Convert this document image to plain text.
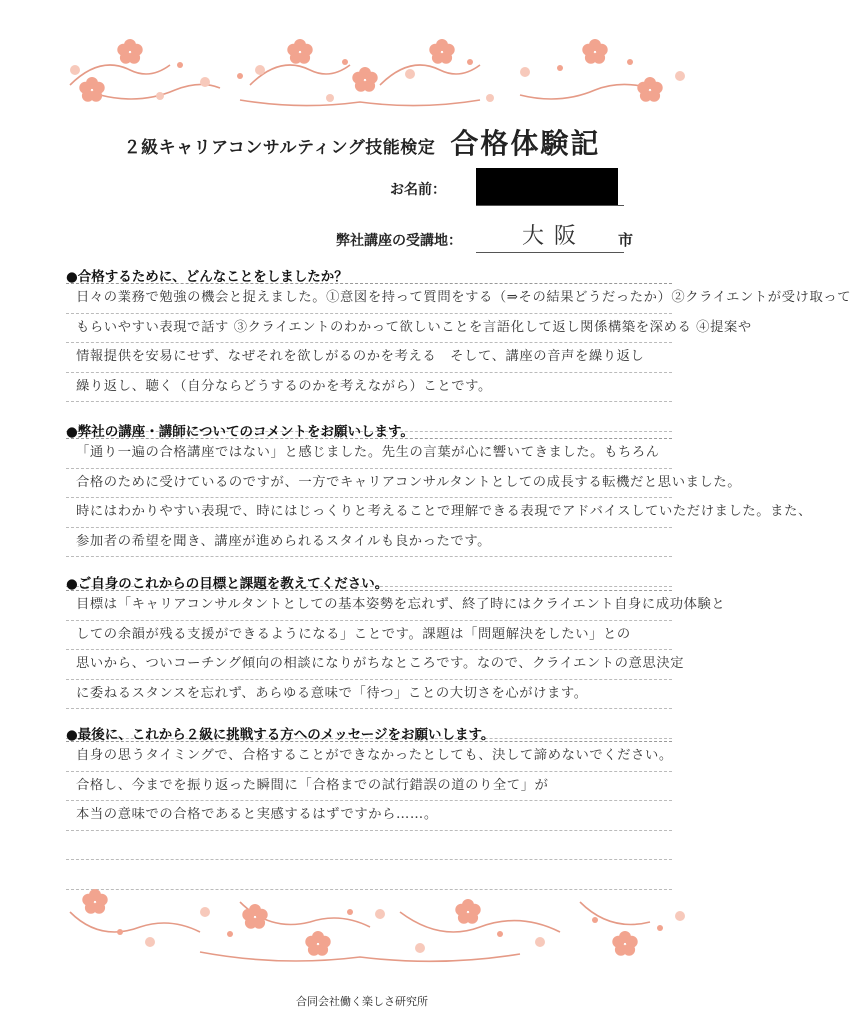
２級キャリアコンサルティング技能検定 合格体験記
お名前：
弊社講座の受講地：	大阪 市
●合格するために、どんなことをしましたか？
日々の業務で勉強の機会と捉えました。①意図を持って質問をする（⇒その結果どうだったか）②クライエントが受け取って
もらいやすい表現で話す ③クライエントのわかって欲しいことを言語化して返し関係構築を深める ④提案や
情報提供を安易にせず、なぜそれを欲しがるのかを考える　そして、講座の音声を繰り返し
繰り返し、聴く（自分ならどうするのかを考えながら）ことです。
●弊社の講座・講師についてのコメントをお願いします。
「通り一遍の合格講座ではない」と感じました。先生の言葉が心に響いてきました。もちろん
合格のために受けているのですが、一方でキャリアコンサルタントとしての成長する転機だと思いました。
時にはわかりやすい表現で、時にはじっくりと考えることで理解できる表現でアドバイスしていただけました。また、
参加者の希望を聞き、講座が進められるスタイルも良かったです。
●ご自身のこれからの目標と課題を教えてください。
目標は「キャリアコンサルタントとしての基本姿勢を忘れず、終了時にはクライエント自身に成功体験と
しての余韻が残る支援ができるようになる」ことです。課題は「問題解決をしたい」との
思いから、ついコーチング傾向の相談になりがちなところです。なので、クライエントの意思決定
に委ねるスタンスを忘れず、あらゆる意味で「待つ」ことの大切さを心がけます。
●最後に、これから２級に挑戦する方へのメッセージをお願いします。
自身の思うタイミングで、合格することができなかったとしても、決して諦めないでください。
合格し、今までを振り返った瞬間に「合格までの試行錯誤の道のり全て」が
本当の意味での合格であると実感するはずですから……。
合同会社働く楽しさ研究所
